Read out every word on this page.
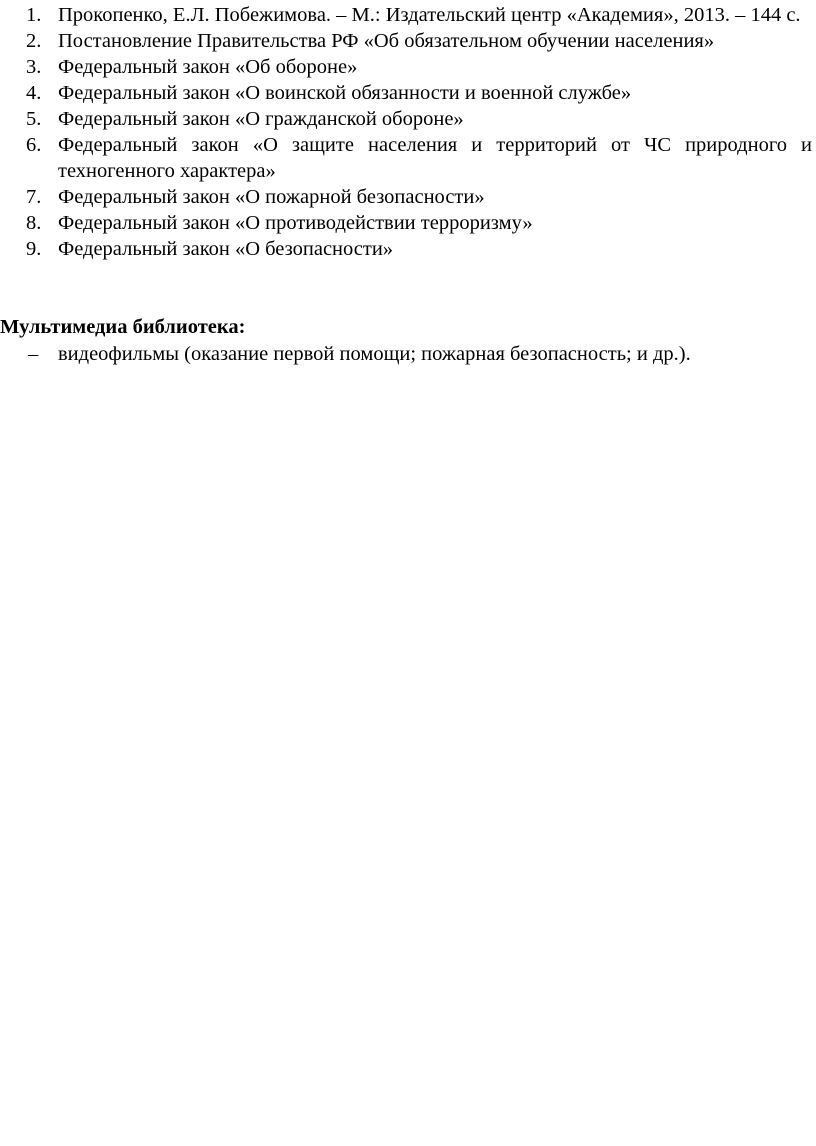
1. Прокопенко, Е.Л. Побежимова. – М.: Издательский центр «Академия», 2013. – 144 с.
2. Постановление Правительства РФ «Об обязательном обучении населения»
3. Федеральный закон «Об обороне»
4. Федеральный закон «О воинской обязанности и военной службе»
5. Федеральный закон «О гражданской обороне»
6. Федеральный закон «О защите населения и территорий от ЧС природного и техногенного характера»
7. Федеральный закон «О пожарной безопасности»
8. Федеральный закон «О противодействии терроризму»
9. Федеральный закон «О безопасности»
Мультимедиа библиотека:
– видеофильмы (оказание первой помощи; пожарная безопасность; и др.).
